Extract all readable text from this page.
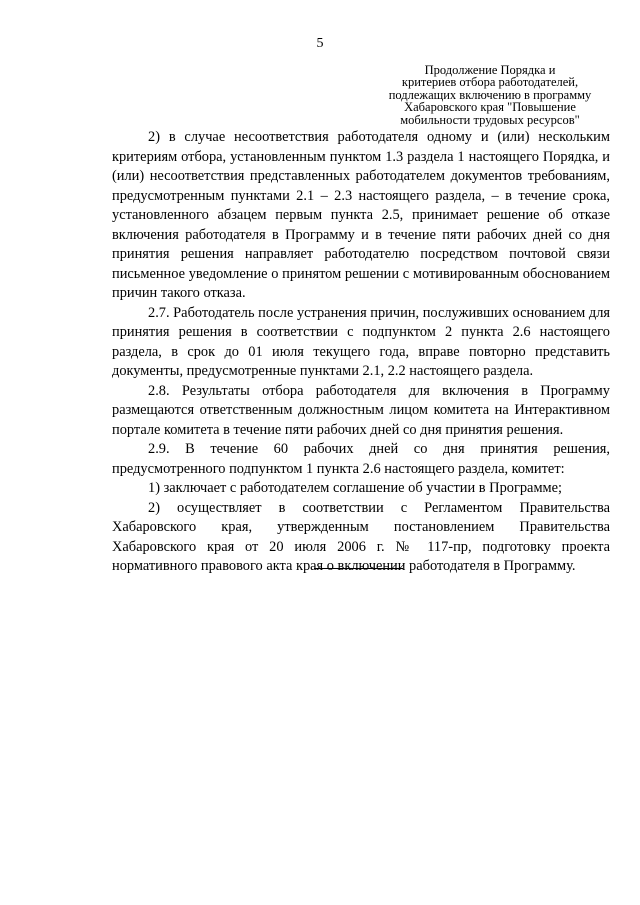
5
Продолжение Порядка и
критериев отбора работодателей,
подлежащих включению в программу
Хабаровского края "Повышение
мобильности трудовых ресурсов"

2) в случае несоответствия работодателя одному и (или) нескольким критериям отбора, установленным пунктом 1.3 раздела 1 настоящего Порядка, и (или) несоответствия представленных работодателем документов требованиям, предусмотренным пунктами 2.1 – 2.3 настоящего раздела, – в течение срока, установленного абзацем первым пункта 2.5, принимает решение об отказе включения работодателя в Программу и в течение пяти рабочих дней со дня принятия решения направляет работодателю посредством почтовой связи письменное уведомление о принятом решении с мотивированным обоснованием причин такого отказа.

2.7. Работодатель после устранения причин, послуживших основанием для принятия решения в соответствии с подпунктом 2 пункта 2.6 настоящего раздела, в срок до 01 июля текущего года, вправе повторно представить документы, предусмотренные пунктами 2.1, 2.2 настоящего раздела.

2.8. Результаты отбора работодателя для включения в Программу размещаются ответственным должностным лицом комитета на Интерактивном портале комитета в течение пяти рабочих дней со дня принятия решения.

2.9. В течение 60 рабочих дней со дня принятия решения, предусмотренного подпунктом 1 пункта 2.6 настоящего раздела, комитет:

1) заключает с работодателем соглашение об участии в Программе;

2) осуществляет в соответствии с Регламентом Правительства Хабаровского края, утвержденным постановлением Правительства Хабаровского края от 20 июля 2006 г. № 117-пр, подготовку проекта нормативного правового акта края о включении работодателя в Программу.
